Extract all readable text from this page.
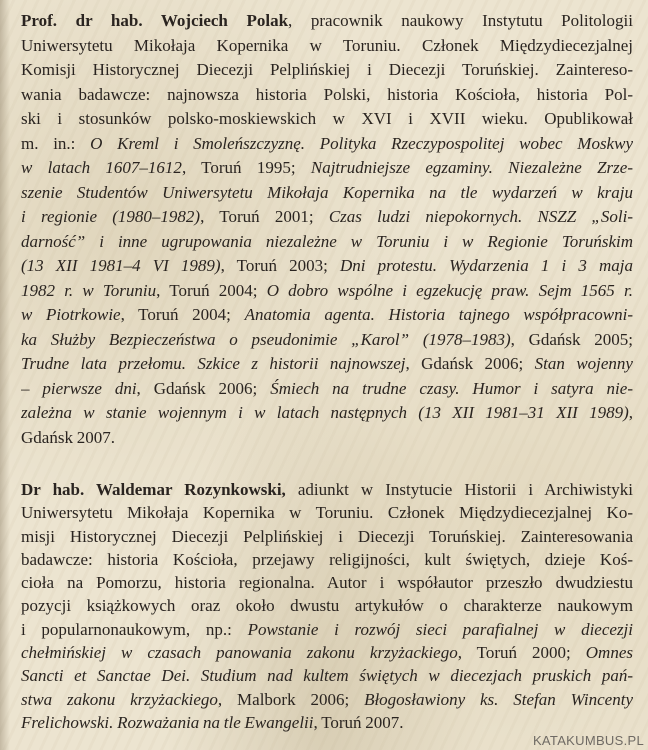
Prof. dr hab. Wojciech Polak, pracownik naukowy Instytutu Politologii
Uniwersytetu Mikołaja Kopernika w Toruniu. Członek Międzydiecezjalnej
Komisji Historycznej Diecezji Pelplińskiej i Diecezji Toruńskiej. Zaintereso-
wania badawcze: najnowsza historia Polski, historia Kościoła, historia Pol-
ski i stosunków polsko-moskiewskich w XVI i XVII wieku. Opublikował
m. in.: O Kreml i Smoleńszczyznę. Polityka Rzeczypospolitej wobec Moskwy
w latach 1607–1612, Toruń 1995; Najtrudniejsze egzaminy. Niezależne Zrze-
szenie Studentów Uniwersytetu Mikołaja Kopernika na tle wydarzeń w kraju
i regionie (1980–1982), Toruń 2001; Czas ludzi niepokornych. NSZZ „Soli-
darność” i inne ugrupowania niezależne w Toruniu i w Regionie Toruńskim
(13 XII 1981–4 VI 1989), Toruń 2003; Dni protestu. Wydarzenia 1 i 3 maja
1982 r. w Toruniu, Toruń 2004; O dobro wspólne i egzekucję praw. Sejm 1565 r.
w Piotrkowie, Toruń 2004; Anatomia agenta. Historia tajnego współpracowni-
ka Służby Bezpieczeństwa o pseudonimie „Karol” (1978–1983), Gdańsk 2005;
Trudne lata przełomu. Szkice z historii najnowszej, Gdańsk 2006; Stan wojenny
– pierwsze dni, Gdańsk 2006; Śmiech na trudne czasy. Humor i satyra nie-
zależna w stanie wojennym i w latach następnych (13 XII 1981–31 XII 1989),
Gdańsk 2007.
Dr hab. Waldemar Rozynkowski, adiunkt w Instytucie Historii i Archiwistyki
Uniwersytetu Mikołaja Kopernika w Toruniu. Członek Międzydiecezjalnej Ko-
misji Historycznej Diecezji Pelplińskiej i Diecezji Toruńskiej. Zainteresowania
badawcze: historia Kościoła, przejawy religijności, kult świętych, dzieje Koś-
cioła na Pomorzu, historia regionalna. Autor i współautor przeszło dwudziestu
pozycji książkowych oraz około dwustu artykułów o charakterze naukowym
i popularnonaukowym, np.: Powstanie i rozwój sieci parafialnej w diecezji
chełmińskiej w czasach panowania zakonu krzyżackiego, Toruń 2000; Omnes
Sancti et Sanctae Dei. Studium nad kultem świętych w diecezjach pruskich pań-
stwa zakonu krzyżackiego, Malbork 2006; Błogosławiony ks. Stefan Wincenty
Frelichowski. Rozważania na tle Ewangelii, Toruń 2007.
KATAKUMBUS.PL
